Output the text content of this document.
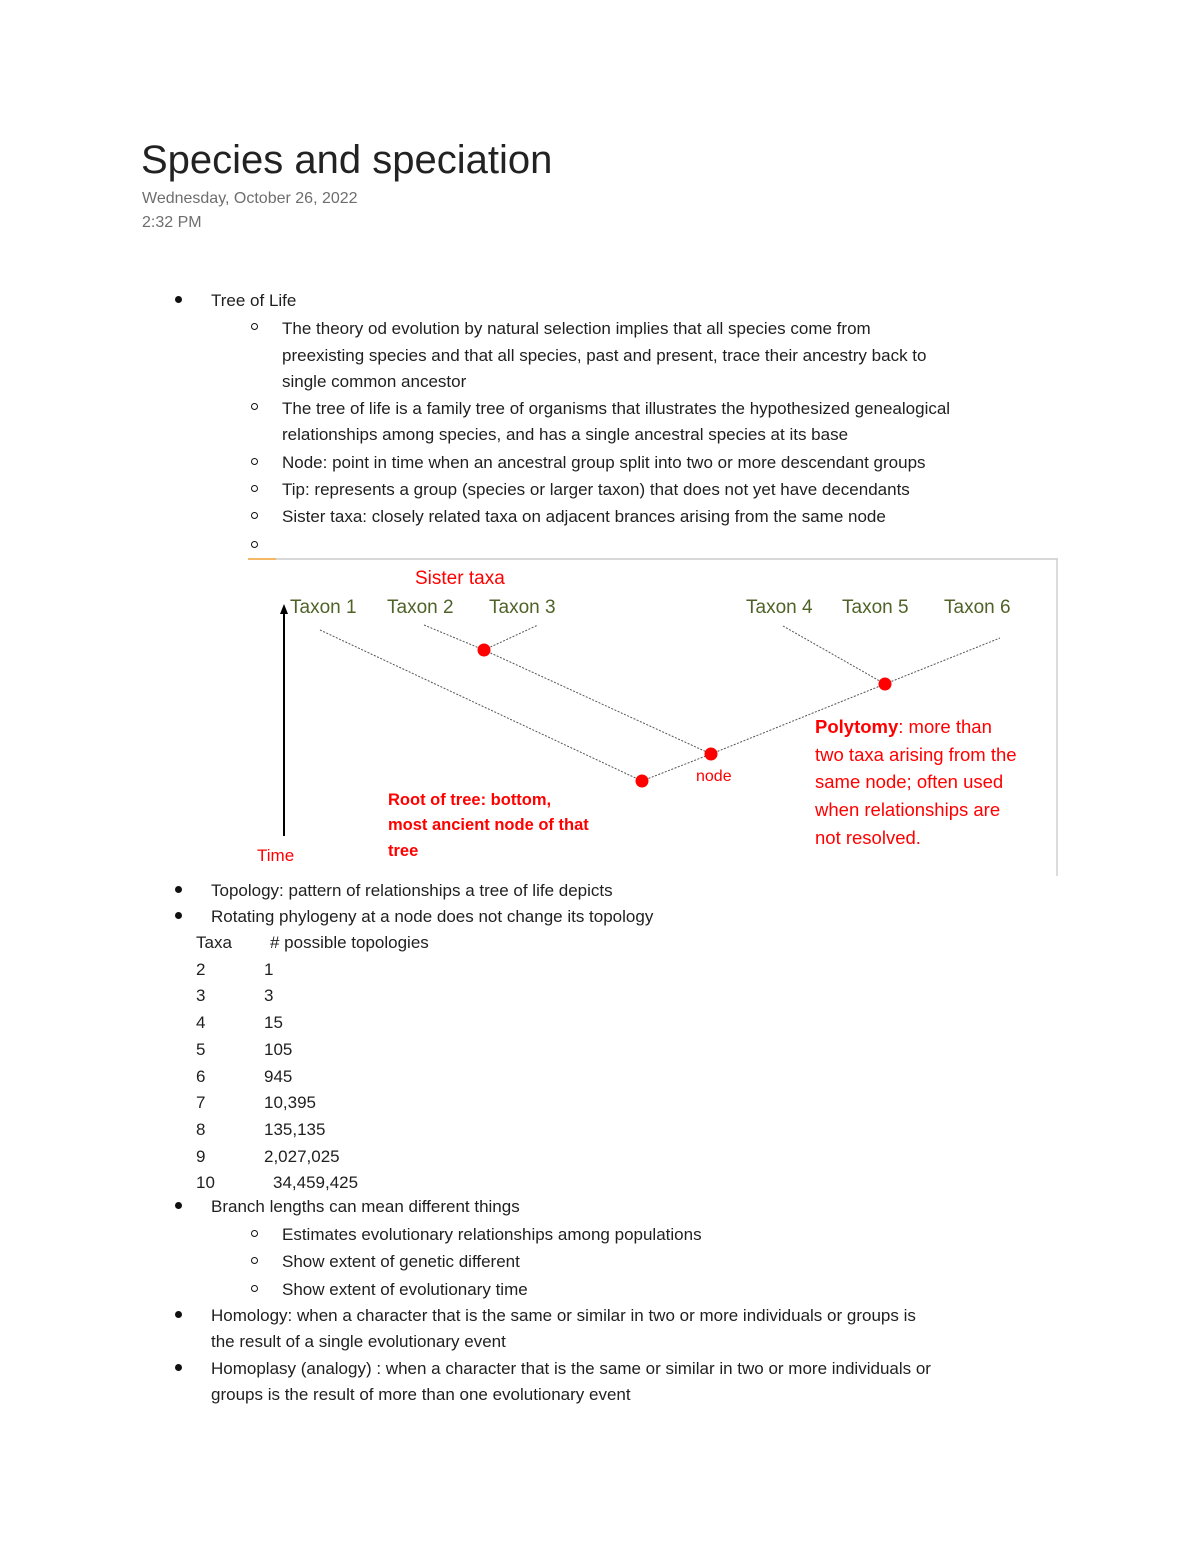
Species and speciation
Wednesday, October 26, 2022
2:32 PM
Tree of Life
The theory od evolution by natural selection implies that all species come from
preexisting species and that all species, past and present, trace their ancestry back to
single common ancestor
The tree of life is a family tree of organisms that illustrates the hypothesized genealogical
relationships among species, and has a single ancestral species at its base
Node: point in time when an ancestral group split into two or more descendant groups
Tip: represents a group (species or larger taxon) that does not yet have decendants
Sister taxa: closely related taxa on adjacent brances arising from the same node
Sister taxa
Taxon 1 Taxon 2 Taxon 3	Taxon 4 Taxon 5 Taxon 6
node
Time
Root of tree: bottom,
most ancient node of that
tree
Polytomy: more than
two taxa arising from the
same node; often used
when relationships are
not resolved.
Topology: pattern of relationships a tree of life depicts
Rotating phylogeny at a node does not change its topology
Taxa # possible topologies
2	1
3	3
4	15
5	105
6	945
7	10,395
8	135,135
9	2,027,025
10	34,459,425
Branch lengths can mean different things
Estimates evolutionary relationships among populations
Show extent of genetic different
Show extent of evolutionary time
Homology: when a character that is the same or similar in two or more individuals or groups is
the result of a single evolutionary event
Homoplasy (analogy) : when a character that is the same or similar in two or more individuals or
groups is the result of more than one evolutionary event
